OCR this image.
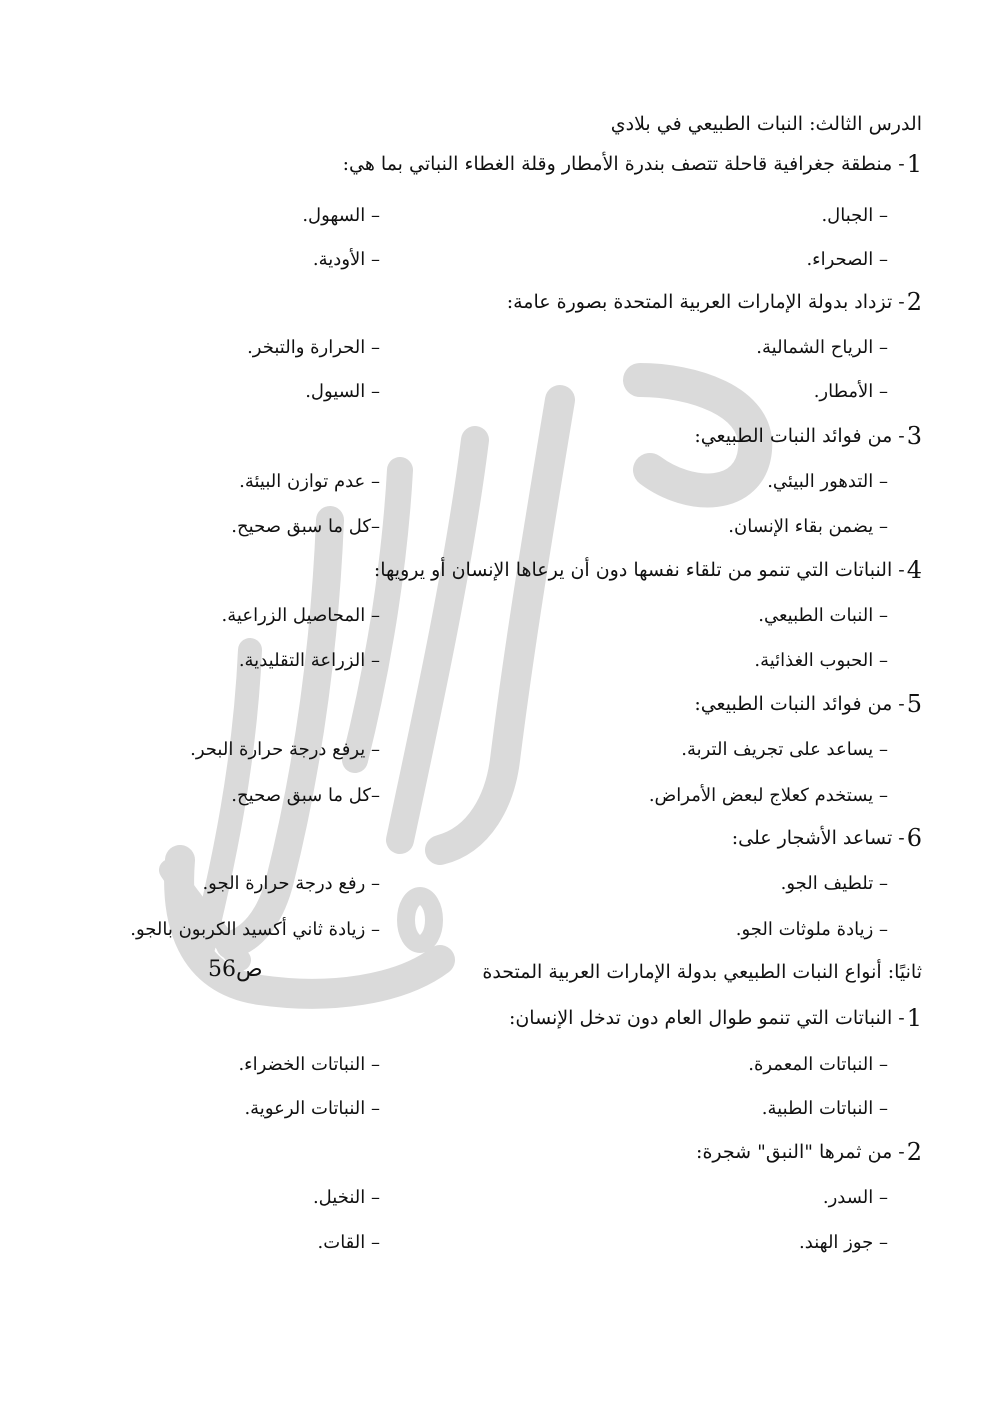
الدرس الثالث: النبات الطبيعي في بلادي
1
- منطقة جغرافية قاحلة تتصف بندرة الأمطار وقلة الغطاء النباتي بما هي:
– الجبال.
– السهول.
– الصحراء.
– الأودية.
2
- تزداد بدولة الإمارات العربية المتحدة بصورة عامة:
– الرياح الشمالية.
– الحرارة والتبخر.
– الأمطار.
– السيول.
3
- من فوائد النبات الطبيعي:
– التدهور البيئي.
– عدم توازن البيئة.
– يضمن بقاء الإنسان.
–كل ما سبق صحيح.
4
- النباتات التي تنمو من تلقاء نفسها دون أن يرعاها الإنسان أو يرويها:
– النبات الطبيعي.
– المحاصيل الزراعية.
– الحبوب الغذائية.
– الزراعة التقليدية.
5
- من فوائد النبات الطبيعي:
– يساعد على تجريف التربة.
– يرفع درجة حرارة البحر.
– يستخدم كعلاج لبعض الأمراض.
–كل ما سبق صحيح.
6
- تساعد الأشجار على:
– تلطيف الجو.
– رفع درجة حرارة الجو.
– زيادة ملوثات الجو.
– زيادة ثاني أكسيد الكربون بالجو.
ثانيًا: أنواع النبات الطبيعي بدولة الإمارات العربية المتحدة
ص56
1
- النباتات التي تنمو طوال العام دون تدخل الإنسان:
– النباتات المعمرة.
– النباتات الخضراء.
– النباتات الطبية.
– النباتات الرعوية.
2
- من ثمرها "النبق" شجرة:
– السدر.
– النخيل.
– جوز الهند.
– القات.
